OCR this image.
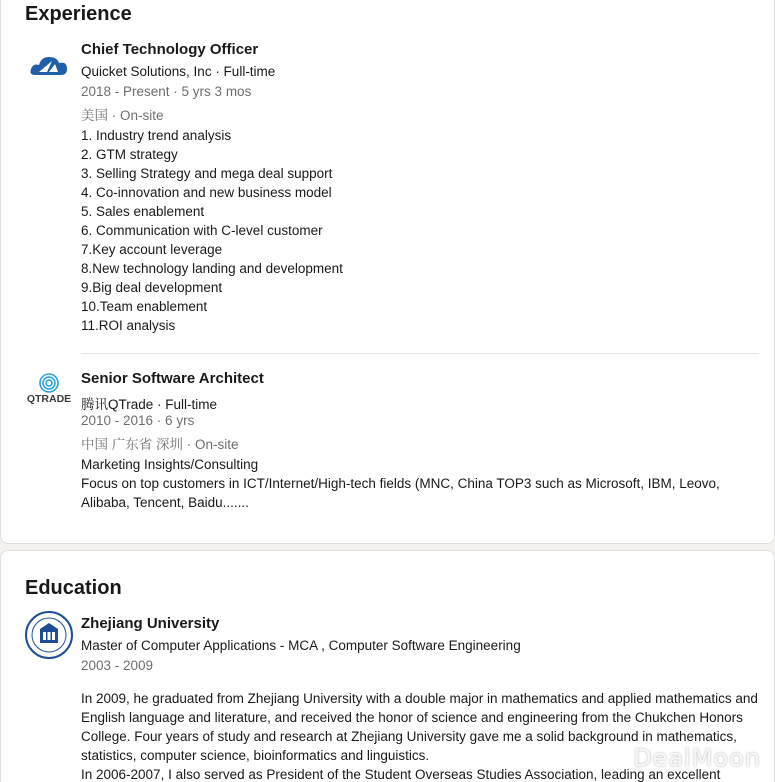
Experience
Chief Technology Officer
Quicket Solutions, Inc · Full-time
2018 - Present · 5 yrs 3 mos
美国 · On-site
1. Industry trend analysis
2. GTM strategy
3. Selling Strategy and mega deal support
4. Co-innovation and new business model
5. Sales enablement
6. Communication with C-level customer
7.Key account leverage
8.New technology landing and development
9.Big deal development
10.Team enablement
11.ROI analysis
QTRADE
Senior Software Architect
腾讯QTrade · Full-time
2010 - 2016 · 6 yrs
中国 广东省 深圳 · On-site
Marketing Insights/Consulting
Focus on top customers in ICT/Internet/High-tech fields (MNC, China TOP3 such as Microsoft, IBM, Leovo, Alibaba, Tencent, Baidu.......
Education
Zhejiang University
Master of Computer Applications - MCA , Computer Software Engineering
2003 - 2009
In 2009, he graduated from Zhejiang University with a double major in mathematics and applied mathematics and English language and literature, and received the honor of science and engineering from the Chukchen Honors College. Four years of study and research at Zhejiang University gave me a solid background in mathematics, statistics, computer science, bioinformatics and linguistics.
In 2006-2007, I also served as President of the Student Overseas Studies Association, leading an excellent
DealMoon
